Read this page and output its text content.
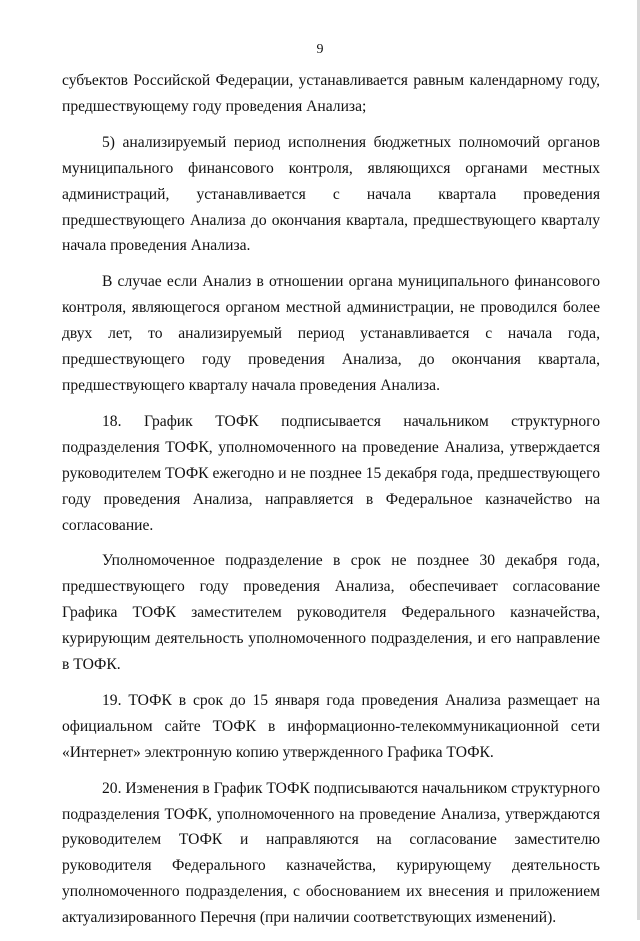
9

субъектов Российской Федерации, устанавливается равным календарному году, предшествующему году проведения Анализа;

5) анализируемый период исполнения бюджетных полномочий органов муниципального финансового контроля, являющихся органами местных администраций, устанавливается с начала квартала проведения предшествующего Анализа до окончания квартала, предшествующего кварталу начала проведения Анализа.

В случае если Анализ в отношении органа муниципального финансового контроля, являющегося органом местной администрации, не проводился более двух лет, то анализируемый период устанавливается с начала года, предшествующего году проведения Анализа, до окончания квартала, предшествующего кварталу начала проведения Анализа.

18. График ТОФК подписывается начальником структурного подразделения ТОФК, уполномоченного на проведение Анализа, утверждается руководителем ТОФК ежегодно и не позднее 15 декабря года, предшествующего году проведения Анализа, направляется в Федеральное казначейство на согласование.

Уполномоченное подразделение в срок не позднее 30 декабря года, предшествующего году проведения Анализа, обеспечивает согласование Графика ТОФК заместителем руководителя Федерального казначейства, курирующим деятельность уполномоченного подразделения, и его направление в ТОФК.

19. ТОФК в срок до 15 января года проведения Анализа размещает на официальном сайте ТОФК в информационно-телекоммуникационной сети «Интернет» электронную копию утвержденного Графика ТОФК.

20. Изменения в График ТОФК подписываются начальником структурного подразделения ТОФК, уполномоченного на проведение Анализа, утверждаются руководителем ТОФК и направляются на согласование заместителю руководителя Федерального казначейства, курирующему деятельность уполномоченного подразделения, с обоснованием их внесения и приложением актуализированного Перечня (при наличии соответствующих изменений).
